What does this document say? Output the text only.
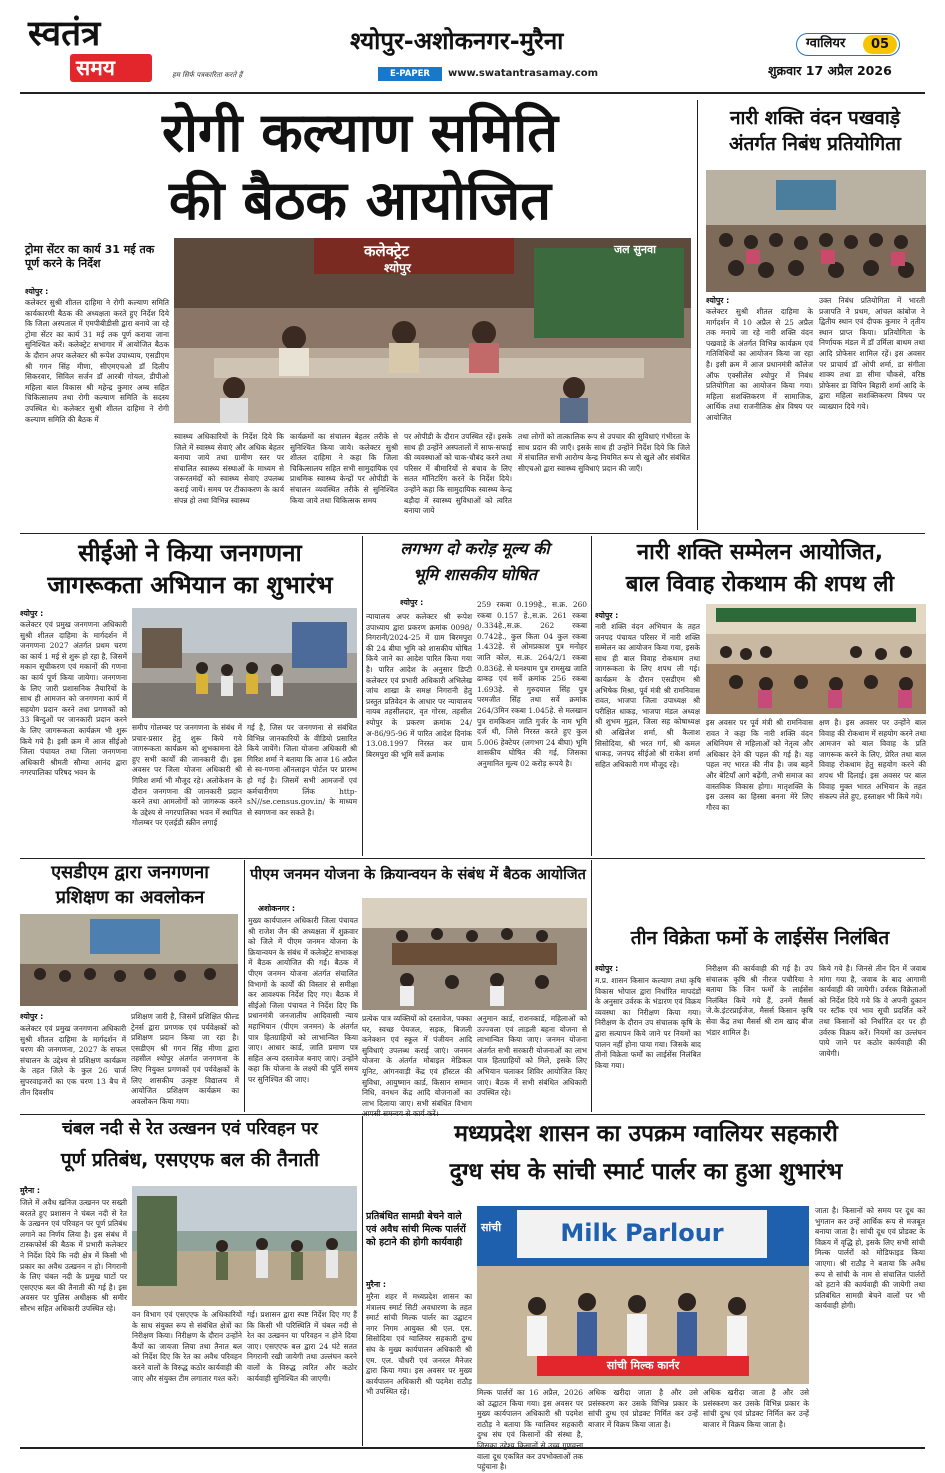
स्वतंत्र
समय	हम सिर्फ पत्रकारिता करते हैं
श्योपुर-अशोकनगर-मुरैना
E-PAPER	www.swatantrasamay.com
ग्वालियर	05
शुक्रवार 17 अप्रैल 2026
रोगी कल्याण समिति
की बैठक आयोजित
ट्रोमा सेंटर का कार्य 31 मई तक पूर्ण करने के निर्देश
श्योपुर :
कलेक्ट्रेट
श्योपुर
जल सुनवा
कलेक्टर सुश्री शीतल दाहिमा ने रोगी कल्याण समिति कार्यकारणी बैठक की अध्यक्षता करते हुए निर्देश दिये कि जिला अस्पताल में एमपीबीडीसी द्वारा बनाये जा रहे ट्रोमा सेंटर का कार्य 31 मई तक पूर्ण कराया जाना सुनिश्चित करें। कलेक्ट्रेट सभागार में आयोजित बैठक के दौरान अपर कलेक्टर श्री रूपेश उपाध्याय, एसडीएम श्री गगन सिंह मीणा, सीएमएचओ डॉ दिलीप सिकरवार, सिविल सर्जन डॉ आरबी गोयल, डीपीओ महिला बाल विकास श्री महेन्द्र कुमार अम्ब सहित चिकित्सालय तथा रोगी कल्याण समिति के सदस्य उपस्थित थे। कलेक्टर सुश्री शीतल दाहिमा ने रोगी कल्याण समिति की बैठक में
स्वास्थ्य अधिकारियों के निर्देश दिये कि जिले में स्वास्थ्य सेवाएं और अधिक बेहतर बनाया जाये तथा ग्रामीण स्तर पर संचालित स्वास्थ्य संस्थाओं के माध्यम से जरूरतमंदों को स्वास्थ्य सेवाएं उपलब्ध कराई जायें। समय पर टीकाकरण के कार्य संपन्न हो तथा विभिन्न स्वास्थ्य
कार्यक्रमों का संचालन बेहतर तरीके से सुनिश्चित किया जाये। कलेक्टर सुश्री शीतल दाहिमा ने कहा कि जिला चिकित्सालय सहित सभी सामुदायिक एवं प्राथमिक स्वास्थ्य केन्द्रों पर ओपीडी के संचालन व्यवस्थित तरीके से सुनिश्चित किया जाये तथा चिकित्सक समय
पर ओपीडी के दौरान उपस्थित रहें। इसके साथ ही उन्होंने अस्पतालों में साफ-सफाई की व्यवस्थाओं को चाक-चौबंद करने तथा परिसर में बीमारियों से बचाव के लिए सतत मॉनिटरिंग करने के निर्देश दिये। उन्होंने कहा कि सामुदायिक स्वास्थ्य केन्द्र बड़ौदा में स्वास्थ्य सुविधाओं को त्वरित बनाया जाये
तथा लोगों को तात्कालिक रूप से उपचार की सुविधाएं गंभीरता के साथ प्रदान की जाएँ। इसके साथ ही उन्होंने निर्देश दिये कि जिले में संचालित सभी आरोग्य केन्द्र नियमित रूप से खुले और संबंधित सीएचओ द्वारा स्वास्थ्य सुविधाएं प्रदान की जाएँ।
नारी शक्ति वंदन पखवाड़े
अंतर्गत निबंध प्रतियोगिता
श्योपुर :
कलेक्टर सुश्री शीतल दाहिमा के मार्गदर्शन में 10 अप्रैल से 25 अप्रैल तक मनाये जा रहे नारी शक्ति वंदन पखवाड़े के अंतर्गत विभिन्न कार्यक्रम एवं गतिविधियों का आयोजन किया जा रहा है। इसी क्रम में आज प्रधानमंत्री कॉलेज ऑफ एक्सीलेंस श्योपुर में निबंध प्रतियोगिता का आयोजन किया गया। महिला सशक्तिकरण में सामाजिक, आर्थिक तथा राजनीतिक क्षेत्र विषय पर आयोजित
उक्त निबंध प्रतियोगिता में भारती प्रजापति ने प्रथम, आंचल कांबोज ने द्वितीय स्थान एवं दीपक कुमार ने तृतीय स्थान प्राप्त किया। प्रतियोगिता के निर्णायक मंडल में डॉ उर्मिला बाथम तथा आदि प्रोफेसर शामिल रहें। इस अवसर पर प्राचार्य डॉ ओपी शर्मा, डा संगीता शाक्य तथा डा सीमा चौकसे, वरिष्ठ प्रोफेसर डा विपिन बिहारी शर्मा आदि के द्वारा महिला सशक्तिकरण विषय पर व्याख्यान दिये गये।
सीईओ ने किया जनगणना
जागरूकता अभियान का शुभारंभ
श्योपुर :
कलेक्टर एवं प्रमुख जनगणना अधिकारी सुश्री शीतल दाहिमा के मार्गदर्शन में जनगणना 2027 अंतर्गत प्रथम चरण का कार्य 1 मई से शुरू हो रहा है, जिसमें मकान सूचीकरण एवं मकानों की गणना का कार्य पूर्ण किया जायेगा। जनगणना के लिए जारी प्रशासनिक तैयारियों के साथ ही आमजन को जनगणना कार्य में सहयोग प्रदान करने तथा प्रगणकों को 33 बिन्दुओं पर जानकारी प्रदान करने के लिए जागरूकता कार्यक्रम भी शुरू किये गये है। इसी क्रम में आज सीईओ जिला पंचायत तथा जिला जनगणना अधिकारी श्रीमती सौम्या आनंद द्वारा नगरपालिका परिषद भवन के
समीप गोलम्बर पर जनगणना के संबंध में प्रचार-प्रसार हेतु शुरू किये गये जागरूकता कार्यक्रम को शुभकामना देते हुए सभी कार्यों की जानकारी दी। इस अवसर पर जिला योजना अधिकारी श्री गिरिश शर्मा भी मौजूद रहे। अलोकेशन के दौरान जनगणना की जानकारी प्रदान करने तथा आमलोगों को जागरूक करने के उद्देश्य से नगरपालिका भवन में स्थापित गोलम्बर पर एलईडी स्क्रीन लगाई
गई है, जिस पर जनगणना से संबंधित विभिन्न जानकारियों के वीडियो प्रसारित किये जायेंगे। जिला योजना अधिकारी श्री गिरिश शर्मा ने बताया कि आज 16 अप्रैल से स्व-गणना ऑनलाइन पोर्टल पर प्रारम्भ हो गई है। जिसमें सभी आमजनों एवं कर्मचारीगण लिंक http-sN//se.census.gov.in/ के माध्यम से स्वगणना कर सकते है।
लगभग दो करोड़ मूल्य की
भूमि शासकीय घोषित
श्योपुर :
न्यायालय अपर कलेक्टर श्री रूपेश उपाध्याय द्वारा प्रकरण क्रमांक 0098/निगरानी/2024-25 में ग्राम बिरमपुरा की 24 बीघा भूमि को शासकीय घोषित किये जाने का आदेश पारित किया गया है। पारित आदेश के अनुसार डिप्टी कलेक्टर एवं प्रभारी अधिकारी अभिलेख जांच शाखा के समक्ष निगरानी हेतु प्रस्तुत प्रतिवेदन के आधार पर न्यायालय नायब तहसीलदार, वृत गोरस, तहसील श्योपुर के प्रकरण क्रमांक 24/अ-86/95-96 में पारित आदेश दिनांक 13.08.1997 निरस्त कर ग्राम बिरमपुरा की भूमि सर्वे क्रमांक
259 रकबा 0.199हे., स.क्र. 260 रकबा 0.157 हे.,स.क्र. 261 रकबा 0.334हे.,स.क्र. 262 रकबा 0.742हे., कुल किता 04 कुल रकबा 1.432हे. से ओमप्रकाश पुत्र मनोहर जाति कोल, स.क्र. 264/2/1 रकबा 0.836हे. से घनश्याम पुत्र रामसुख जाति ढाकड़ एवं सर्वे क्रमांक 256 रकबा 1.693हे. से गुरुदयाल सिंह पुत्र परमजीत सिंह तथा सर्वे क्रमांक 264/3मिन रकबा 1.045हे. से मलखान पुत्र रामकिशन जाति गुर्जर के नाम भूमि दर्ज थी, जिसे निरस्त करते हुए कुल 5.006 हेक्टेयर (लगभग 24 बीघा) भूमि शासकीय घोषित की गई, जिसका अनुमानित मूल्य 02 करोड़ रूपये है।
नारी शक्ति सम्मेलन आयोजित,
बाल विवाह रोकथाम की शपथ ली
श्योपुर :
नारी शक्ति वंदन अभियान के तहत जनपद पंचायत परिसर में नारी शक्ति सम्मेलन का आयोजन किया गया, इसके साथ ही बाल विवाह रोकथाम तथा जागरूकता के लिए शपथ ली गई। कार्यक्रम के दौरान एसडीएम श्री अभिषेक मिश्रा, पूर्व मंत्री श्री रामनिवास रावत, भाजपा जिला उपाध्यक्ष श्री परीक्षित धाकड़, भाजपा मंडल अध्यक्ष श्री शुभम मुद्गल, जिला सह कोषाध्यक्ष श्री अखिलेश शर्मा, श्री कैलाश सिसोदिया, श्री भरत गर्ग, श्री कमल धाकड़, जनपद सीईओ श्री राकेश शर्मा सहित अधिकारी गण मौजूद रहे।
इस अवसर पर पूर्व मंत्री श्री रामनिवास रावत ने कहा कि नारी शक्ति वंदन अधिनियम से महिलाओं को नेतृत्व और अधिकार देने की पहल की गई है। यह पहल नए भारत की नीव है। जब बहनें और बेटियाँ आगे बढ़ेंगी, तभी समाज का वास्तविक विकास होगा। मातृशक्ति के इस उत्सव का हिस्सा बनना मेरे लिए गौरव का
क्षण है। इस अवसर पर उन्होंने बाल विवाह की रोकथाम में सहयोग करने तथा आमजन को बाल विवाह के प्रति जागरूक करने के लिए, प्रेरित तथा बाल विवाह रोकथाम हेतु सहयोग करने की शपथ भी दिलाई। इस अवसर पर बाल विवाह मुक्त भारत अभियान के तहत संकल्प लेते हुए, हस्ताक्षर भी किये गये।
एसडीएम द्वारा जनगणना
प्रशिक्षण का अवलोकन
श्योपुर :
कलेक्टर एवं प्रमुख जनगणना अधिकारी सुश्री शीतल दाहिमा के मार्गदर्शन में चरण की जनगणना, 2027 के सफल संचालन के उद्देश्य से प्रशिक्षण कार्यक्रम के तहत जिले के कुल 26 चार्ज सुपरवाइजरों का एक चरण 13 बैच में तीन दिवसीय
प्रशिक्षण जारी है, जिसमें प्रशिक्षित फील्ड ट्रेनर्स द्वारा प्रगणक एवं पर्यवेक्षकों को प्रशिक्षण प्रदान किया जा रहा है। एसडीएम श्री गगन सिंह मीणा द्वारा तहसील श्योपुर अंतर्गत जनगणना के लिए नियुक्त प्रगणकों एवं पर्यवेक्षकों के लिए शासकीय उत्कृष्ट विद्यालय में आयोजित प्रशिक्षण कार्यक्रम का अवलोकन किया गया।
पीएम जनमन योजना के क्रियान्वयन के संबंध में बैठक आयोजित
अशोकनगर :
मुख्य कार्यपालन अधिकारी जिला पंचायत श्री राजेश जैन की अध्यक्षता में शुक्रवार को जिले में पीएम जनमन योजना के क्रियान्वयन के संबंध में कलेक्ट्रेट सभाकक्ष में बैठक आयोजित की गई। बैठक में पीएम जनमन योजना अंतर्गत संचालित विभागों के कार्यों की विस्तार से समीक्षा कर आवश्यक निर्देश दिए गए। बैठक में सीईओ जिला पंचायत ने निर्देश दिए कि प्रधानमंत्री जनजातीय आदिवासी न्याय महाभियान (पीएम जनमन) के अंतर्गत पात्र हितग्राहियों को लाभान्वित किया जाए। आधार कार्ड, जाति प्रमाण पत्र सहित अन्य दस्तावेज बनाए जाएं। उन्होंने कहा कि योजना के लक्ष्यों की पूर्ति समय पर सुनिश्चित की जाए।
प्रत्येक पात्र व्यक्तियों को दस्तावेज, पक्का घर, स्वच्छ पेयजल, सड़क, बिजली कनेक्शन एवं स्कूल में पंजीयन आदि सुविधाएं उपलब्ध कराई जाएं। जनमन योजना के अंतर्गत मोबाइल मेडिकल यूनिट, आंगनवाड़ी केंद्र एवं हॉस्टल की सुविधा, आयुष्मान कार्ड, किसान सम्मान निधि, वनधन केंद्र आदि योजनाओं का लाभ दिलाया जाए। सभी संबंधित विभाग आपसी समन्वय से कार्य करें।
अनुमान कार्ड, राशनकार्ड, महिलाओं को उज्ज्वला एवं लाड़ली बहना योजना से लाभान्वित किया जाए। जनमन योजना अंतर्गत सभी सरकारी योजनाओं का लाभ पात्र हितग्राहियों को मिले, इसके लिए अभियान चलाकर शिविर आयोजित किए जाएं। बैठक में सभी संबंधित अधिकारी उपस्थित रहे।
तीन विक्रेता फर्मो के लाईसेंस निलंबित
श्योपुर :
म.प्र. शासन किसान कल्याण तथा कृषि विकास भोपाल द्वारा निर्धारित मापदंडों के अनुसार उर्वरक के भंडारण एवं विक्रय व्यवस्था का निरीक्षण किया गया। निरीक्षण के दौरान उप संचालक कृषि के द्वारा सत्यापन किये जाने पर नियमों का पालन नहीं होना पाया गया। जिसके बाद तीनों विक्रेता फर्मों का लाईसेंस निलंबित किया गया।
निरीक्षण की कार्यवाही की गई है। उप संचालक कृषि श्री नीरज पचौरिया ने बताया कि जिन फर्मों के लाईसेंस निलंबित किये गये हैं, उनमें मैसर्स जे.के.इंटरप्राईजेज, मैसर्स किसान कृषि सेवा केंद्र तथा मैसर्स श्री राम खाद बीज भंडार शामिल है।
किये गये है। जिनसे तीन दिन में जवाब मांगा गया है, जवाब के बाद आगामी कार्यवाही की जायेगी। उर्वरक विक्रेताओं को निर्देश दिये गये कि वे अपनी दुकान पर स्टॉक एवं भाव सूची प्रदर्शित करें तथा किसानों को निर्धारित दर पर ही उर्वरक विक्रय करें। नियमों का उल्लंघन पाये जाने पर कठोर कार्यवाही की जायेगी।
चंबल नदी से रेत उत्खनन एवं परिवहन पर
पूर्ण प्रतिबंध, एसएएफ बल की तैनाती
मुरैना :
जिले में अवैध खनिज उत्खनन पर सख्ती बरतते हुए प्रशासन ने चंबल नदी से रेत के उत्खनन एवं परिवहन पर पूर्ण प्रतिबंध लगाने का निर्णय लिया है। इस संबंध में टास्कफोर्स की बैठक में प्रभारी कलेक्टर ने निर्देश दिये कि नदी क्षेत्र में किसी भी प्रकार का अवैध उत्खनन न हो। निगरानी के लिए चंबल नदी के प्रमुख घाटों पर एसएएफ बल की तैनाती की गई है। इस अवसर पर पुलिस अधीक्षक श्री समीर सौरभ सहित अधिकारी उपस्थित रहे।
वन विभाग एवं एसएएफ के अधिकारियों के साथ संयुक्त रूप से संबंधित क्षेत्रों का निरीक्षण किया। निरीक्षण के दौरान उन्होंने कैंपों का जायजा लिया तथा तैनात बल को निर्देश दिए कि रेत का अवैध परिवहन करने वालों के विरुद्ध कठोर कार्यवाही की जाए और संयुक्त टीम लगातार गश्त करें।
गई। प्रशासन द्वारा स्पष्ट निर्देश दिए गए हैं कि किसी भी परिस्थिति में चंबल नदी से रेत का उत्खनन या परिवहन न होने दिया जाए। एसएएफ बल द्वारा 24 घंटे सतत निगरानी रखी जायेगी तथा उल्लंघन करने वालों के विरुद्ध त्वरित और कठोर कार्यवाही सुनिश्चित की जाएगी।
मध्यप्रदेश शासन का उपक्रम ग्वालियर सहकारी
दुग्ध संघ के सांची स्मार्ट पार्लर का हुआ शुभारंभ
प्रतिबंधित सामग्री बेचने वाले एवं अवैध सांची मिल्क पार्लरों को हटाने की होगी कार्यवाही
मुरैना :
मुरैना शहर में मध्यप्रदेश शासन का मंत्रालय स्मार्ट सिटी अवधारणा के तहत स्मार्ट सांची मिल्क पार्लर का उद्घाटन नगर निगम आयुक्त श्री एल. एस. सिसोदिया एवं ग्वालियर सहकारी दुग्ध संघ के मुख्य कार्यपालन अधिकारी श्री एम. एल. चौधरी एवं जनरल मैनेजर द्वारा किया गया। इस अवसर पर मुख्य कार्यपालन अधिकारी श्री पदमेश राठौड़ भी उपस्थित रहे।
सांची	Milk Parlour
सांची मिल्क कार्नर
मिल्क पार्लरों का 16 अप्रैल, 2026 को उद्घाटन किया गया। इस अवसर पर मुख्य कार्यपालन अधिकारी श्री पदमेश राठौड़ ने बताया कि ग्वालियर सहकारी दुग्ध संघ एवं किसानों की संस्था है, जिसका उद्देश्य किसानों से उच्च गुणवत्ता वाला दूध एकत्रित कर उपभोक्ताओं तक पहुंचाना है।
अधिक खरीदा जाता है और उसे प्रसंस्करण कर उसके विभिन्न प्रकार के सांची दुग्ध एवं प्रोडक्ट निर्मित कर उन्हें बाजार में विक्रय किया जाता है।
अधिक खरीदा जाता है और उसे प्रसंस्करण कर उसके विभिन्न प्रकार के सांची दुग्ध एवं प्रोडक्ट निर्मित कर उन्हें बाजार में विक्रय किया जाता है।
जाता है। किसानों को समय पर दूध का भुगतान कर उन्हें आर्थिक रूप से मजबूत बनाया जाता है। सांची दूध एवं प्रोडक्ट के विक्रय में वृद्धि हो, इसके लिए सभी सांची मिल्क पार्लरों को मोडिफाइड किया जाएगा। श्री राठौड़ ने बताया कि अवैध रूप से सांची के नाम से संचालित पार्लरों को हटाने की कार्यवाही की जायेगी तथा प्रतिबंधित सामग्री बेचने वालों पर भी कार्यवाही होगी।
